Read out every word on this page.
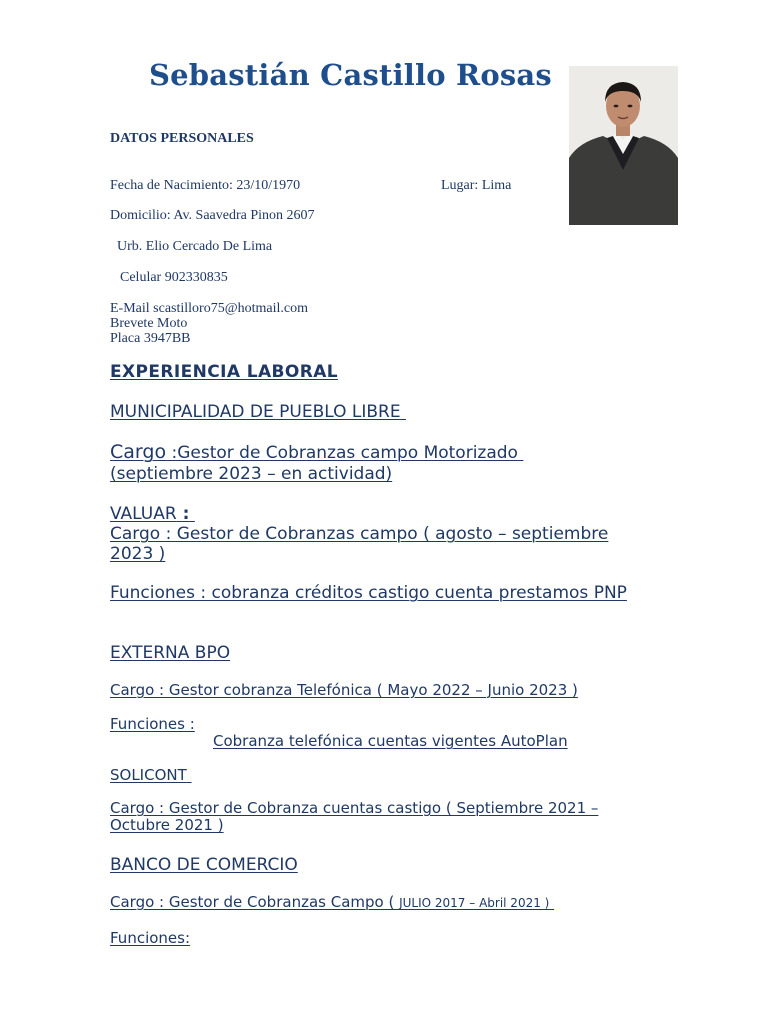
Sebastián Castillo Rosas
DATOS PERSONALES
Fecha de Nacimiento: 23/10/1970	Lugar: Lima
Domicilio: Av. Saavedra Pinon 2607
Urb. Elio Cercado De Lima
Celular 902330835
E-Mail scastilloro75@hotmail.com
Brevete Moto
Placa 3947BB
EXPERIENCIA LABORAL
MUNICIPALIDAD DE PUEBLO LIBRE
Cargo :Gestor de Cobranzas campo Motorizado
(septiembre 2023 – en actividad)
VALUAR :
Cargo : Gestor de Cobranzas campo ( agosto – septiembre 2023 )
Funciones : cobranza créditos castigo cuenta prestamos PNP
EXTERNA BPO
Cargo : Gestor cobranza Telefónica ( Mayo 2022 – Junio 2023 )
Funciones :
Cobranza telefónica cuentas vigentes AutoPlan
SOLICONT
Cargo : Gestor de Cobranza cuentas castigo ( Septiembre 2021 – Octubre 2021 )
BANCO DE COMERCIO
Cargo : Gestor de Cobranzas Campo ( JULIO 2017 – Abril 2021 )
Funciones:
